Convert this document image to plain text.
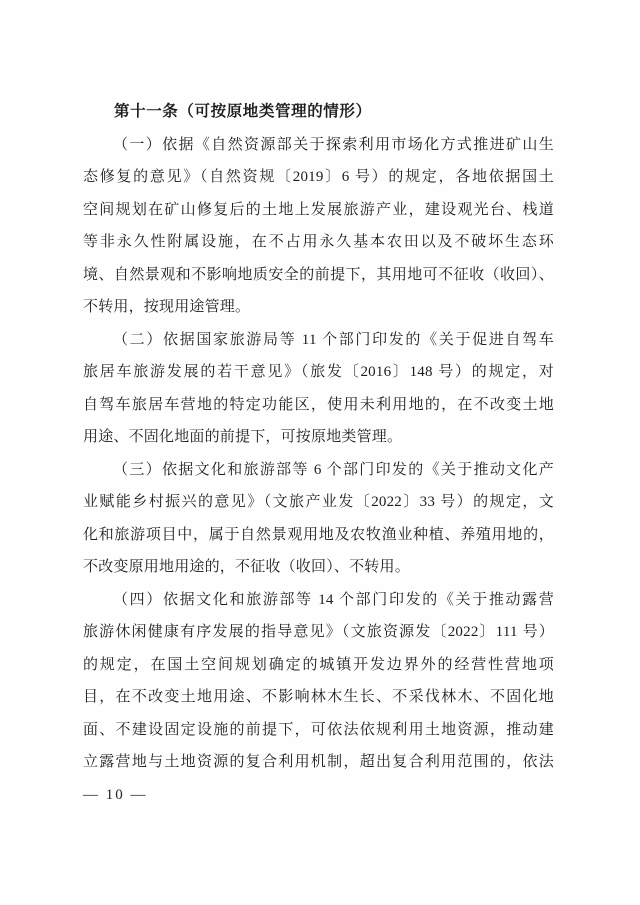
第十一条（可按原地类管理的情形）
（一）依据《自然资源部关于探索利用市场化方式推进矿山生
态修复的意见》（自然资规〔2019〕6 号）的规定，各地依据国土
空间规划在矿山修复后的土地上发展旅游产业，建设观光台、栈道
等非永久性附属设施，在不占用永久基本农田以及不破坏生态环
境、自然景观和不影响地质安全的前提下，其用地可不征收（收回）、
不转用，按现用途管理。
（二）依据国家旅游局等 11 个部门印发的《关于促进自驾车
旅居车旅游发展的若干意见》（旅发〔2016〕148 号）的规定，对
自驾车旅居车营地的特定功能区，使用未利用地的，在不改变土地
用途、不固化地面的前提下，可按原地类管理。
（三）依据文化和旅游部等 6 个部门印发的《关于推动文化产
业赋能乡村振兴的意见》（文旅产业发〔2022〕33 号）的规定，文
化和旅游项目中，属于自然景观用地及农牧渔业种植、养殖用地的，
不改变原用地用途的，不征收（收回）、不转用。
（四）依据文化和旅游部等 14 个部门印发的《关于推动露营
旅游休闲健康有序发展的指导意见》（文旅资源发〔2022〕111 号）
的规定，在国土空间规划确定的城镇开发边界外的经营性营地项
目，在不改变土地用途、不影响林木生长、不采伐林木、不固化地
面、不建设固定设施的前提下，可依法依规利用土地资源，推动建
立露营地与土地资源的复合利用机制，超出复合利用范围的，依法
— 10 —
